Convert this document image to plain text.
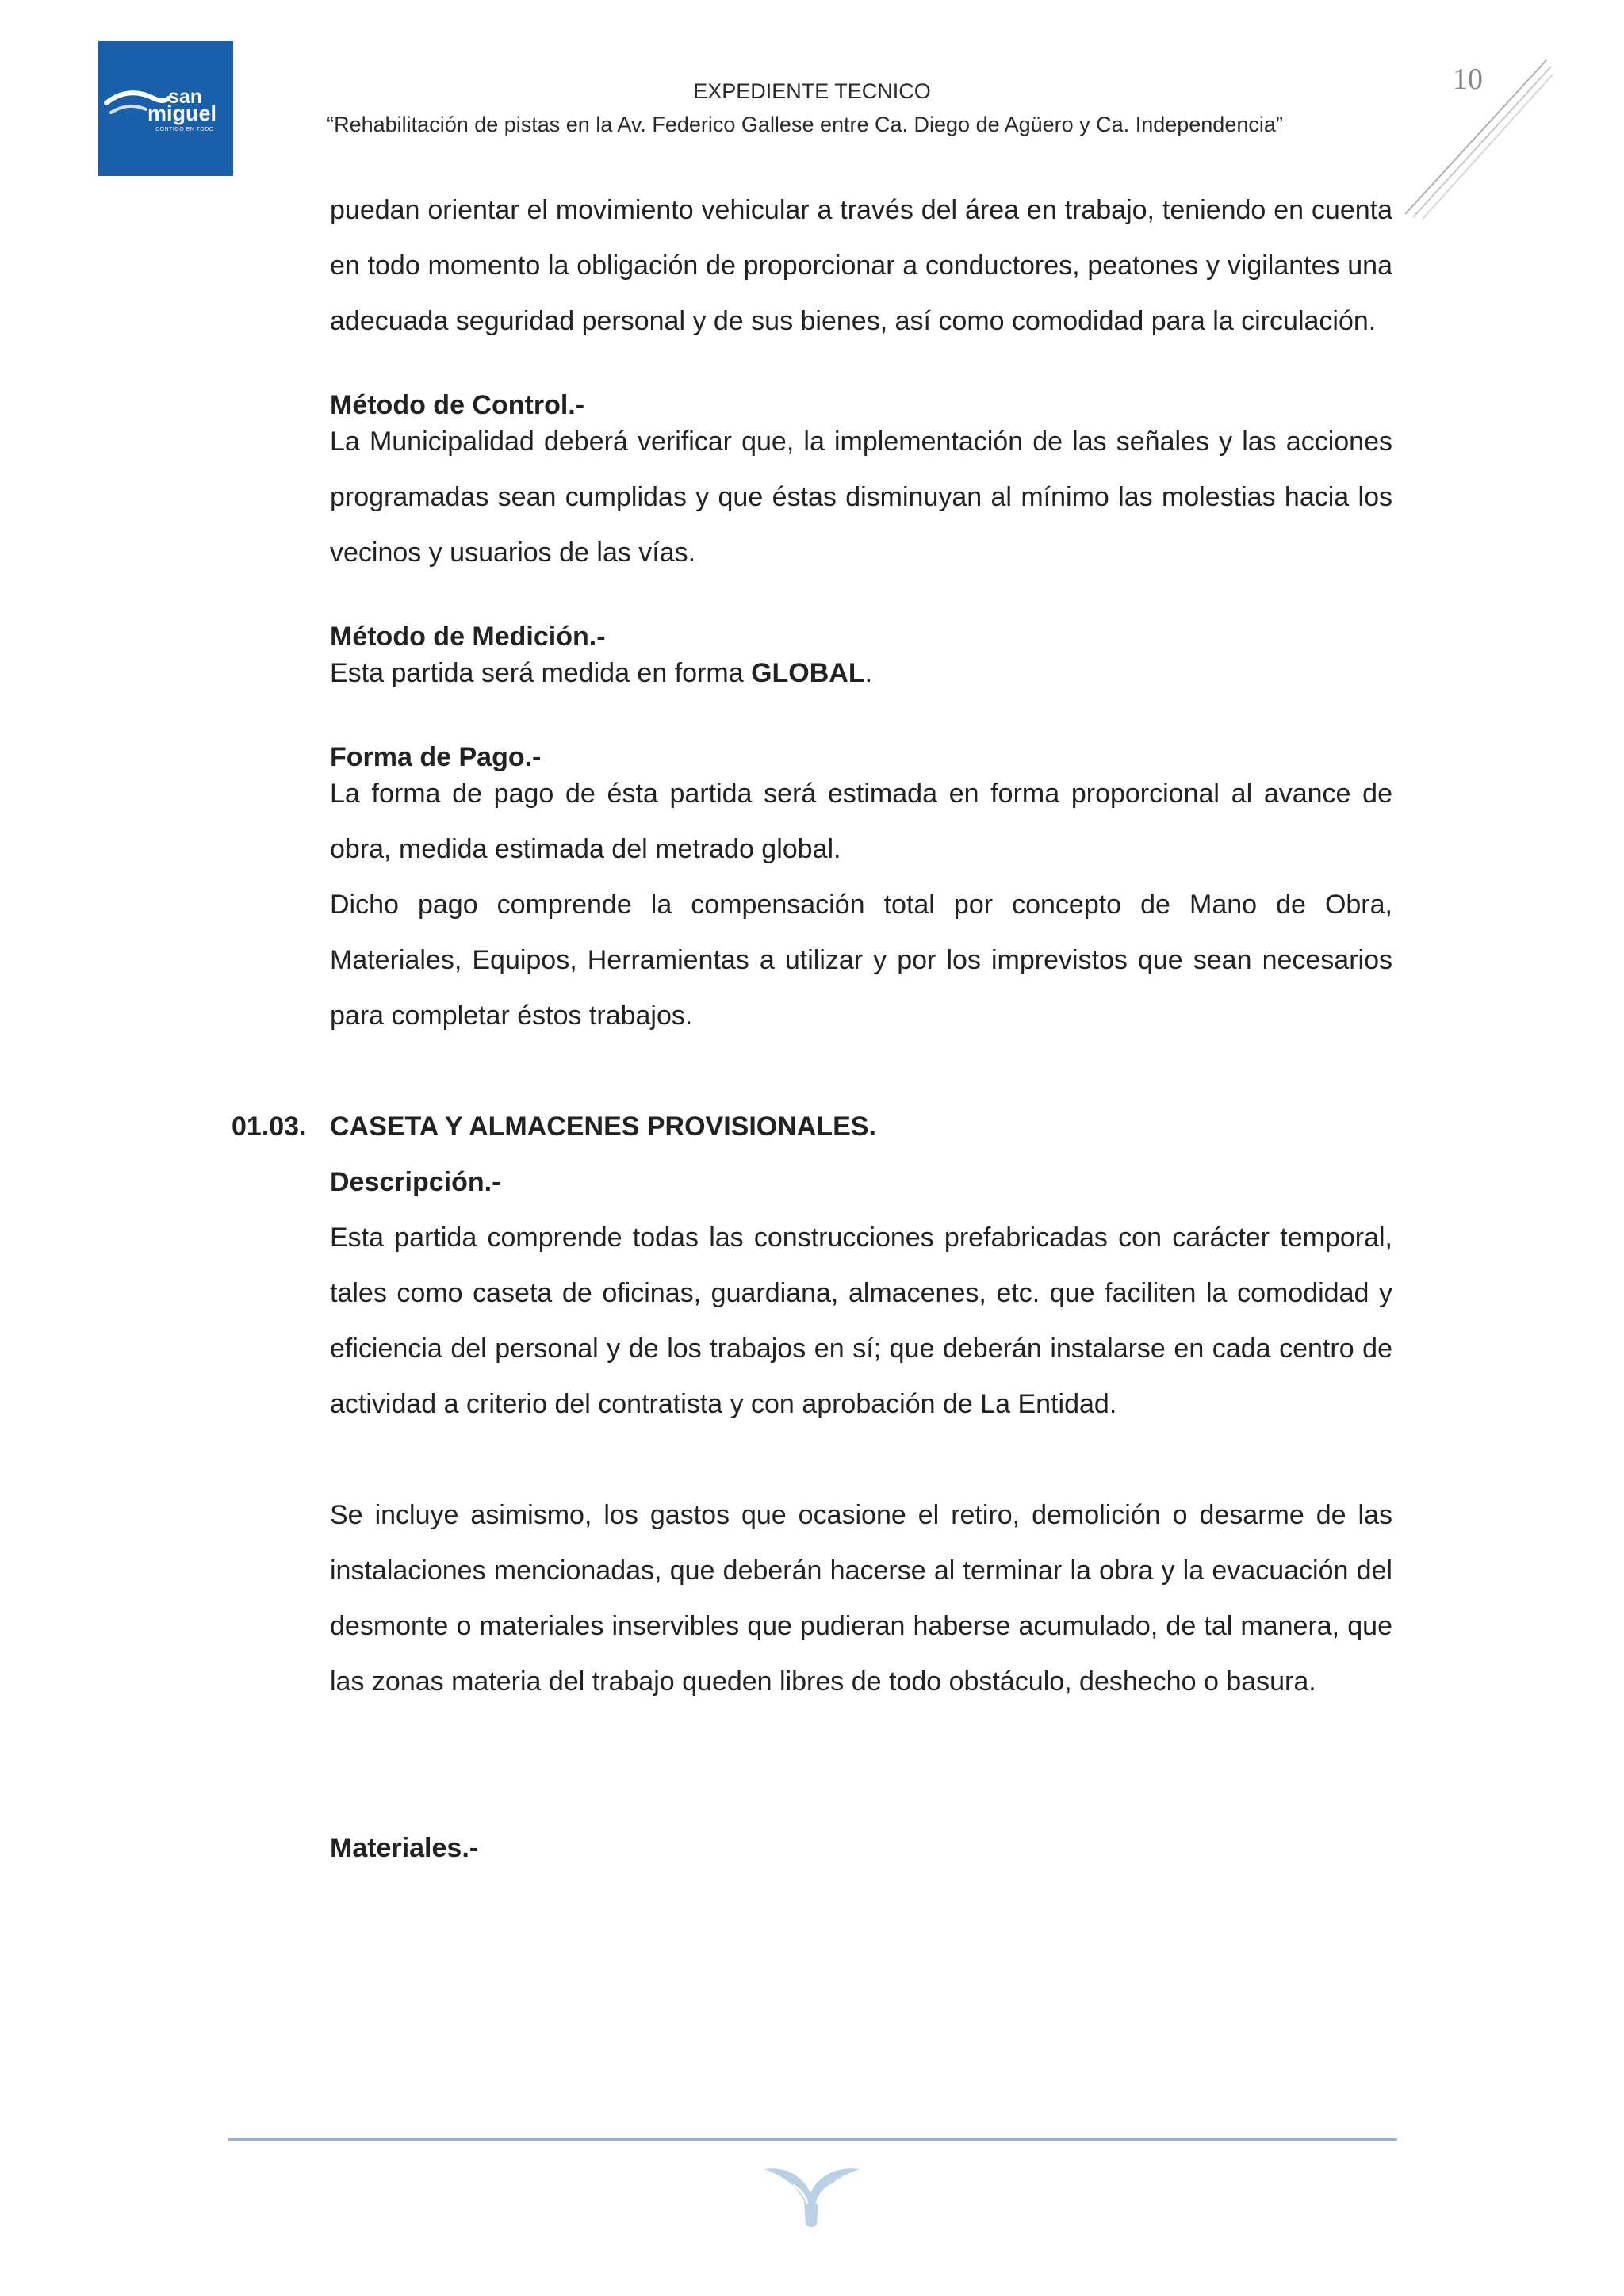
san
miguel
CONTIGO EN TODO
EXPEDIENTE TECNICO
“Rehabilitación de pistas en la Av. Federico Gallese entre Ca. Diego de Agüero y Ca. Independencia”
10

puedan orientar el movimiento vehicular a través del área en trabajo, teniendo en cuenta en todo momento la obligación de proporcionar a conductores, peatones y vigilantes una adecuada seguridad personal y de sus bienes, así como comodidad para la circulación.

Método de Control.-

La Municipalidad deberá verificar que, la implementación de las señales y las acciones programadas sean cumplidas y que éstas disminuyan al mínimo las molestias hacia los vecinos y usuarios de las vías.

Método de Medición.-

Esta partida será medida en forma GLOBAL.

Forma de Pago.-

La forma de pago de ésta partida será estimada en forma proporcional al avance de obra, medida estimada del metrado global.

Dicho pago comprende la compensación total por concepto de Mano de Obra, Materiales, Equipos, Herramientas a utilizar y por los imprevistos que sean necesarios para completar éstos trabajos.

01.03. CASETA Y ALMACENES PROVISIONALES.
Descripción.-

Esta partida comprende todas las construcciones prefabricadas con carácter temporal, tales como caseta de oficinas, guardiana, almacenes, etc. que faciliten la comodidad y eficiencia del personal y de los trabajos en sí; que deberán instalarse en cada centro de actividad a criterio del contratista y con aprobación de La Entidad.

Se incluye asimismo, los gastos que ocasione el retiro, demolición o desarme de las instalaciones mencionadas, que deberán hacerse al terminar la obra y la evacuación del desmonte o materiales inservibles que pudieran haberse acumulado, de tal manera, que las zonas materia del trabajo queden libres de todo obstáculo, deshecho o basura.

Materiales.-
